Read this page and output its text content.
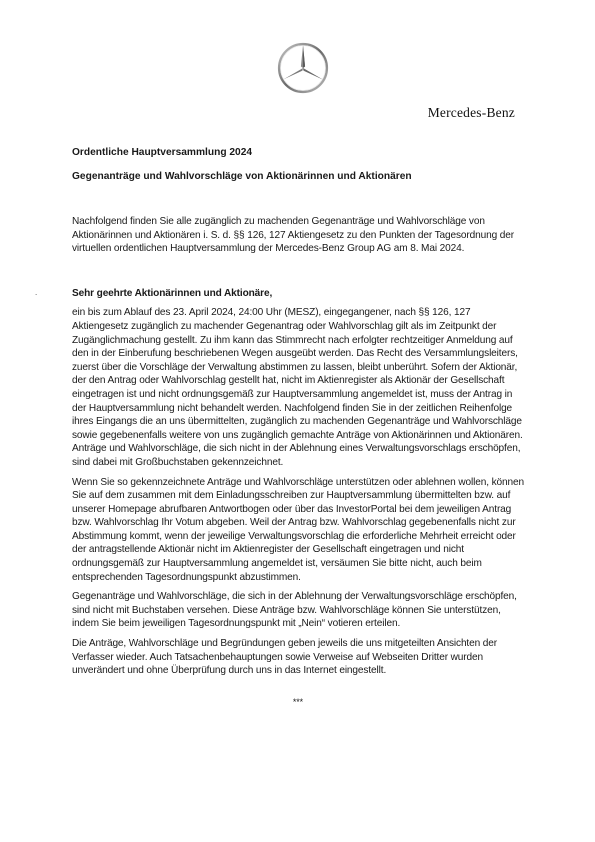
Mercedes-Benz
.
Ordentliche Hauptversammlung 2024
Gegenanträge und Wahlvorschläge von Aktionärinnen und Aktionären

Nachfolgend finden Sie alle zugänglich zu machenden Gegenanträge und Wahlvorschläge von Aktionärinnen und Aktionären i. S. d. §§ 126, 127 Aktiengesetz zu den Punkten der Tagesordnung der virtuellen ordentlichen Hauptversammlung der Mercedes-Benz Group AG am 8. Mai 2024.

Sehr geehrte Aktionärinnen und Aktionäre,

ein bis zum Ablauf des 23. April 2024, 24:00 Uhr (MESZ), eingegangener, nach §§ 126, 127 Aktiengesetz zugänglich zu machender Gegenantrag oder Wahlvorschlag gilt als im Zeitpunkt der Zugänglichmachung gestellt. Zu ihm kann das Stimmrecht nach erfolgter rechtzeitiger Anmeldung auf den in der Einberufung beschriebenen Wegen ausgeübt werden. Das Recht des Versammlungsleiters, zuerst über die Vorschläge der Verwaltung abstimmen zu lassen, bleibt unberührt. Sofern der Aktionär, der den Antrag oder Wahlvorschlag gestellt hat, nicht im Aktienregister als Aktionär der Gesellschaft eingetragen ist und nicht ordnungsgemäß zur Hauptversammlung angemeldet ist, muss der Antrag in der Hauptversammlung nicht behandelt werden. Nachfolgend finden Sie in der zeitlichen Reihenfolge ihres Eingangs die an uns übermittelten, zugänglich zu machenden Gegenanträge und Wahlvorschläge sowie gegebenenfalls weitere von uns zugänglich gemachte Anträge von Aktionärinnen und Aktionären. Anträge und Wahlvorschläge, die sich nicht in der Ablehnung eines Verwaltungsvorschlags erschöpfen, sind dabei mit Großbuchstaben gekennzeichnet.

Wenn Sie so gekennzeichnete Anträge und Wahlvorschläge unterstützen oder ablehnen wollen, können Sie auf dem zusammen mit dem Einladungsschreiben zur Hauptversammlung übermittelten bzw. auf unserer Homepage abrufbaren Antwortbogen oder über das InvestorPortal bei dem jeweiligen Antrag bzw. Wahlvorschlag Ihr Votum abgeben. Weil der Antrag bzw. Wahlvorschlag gegebenenfalls nicht zur Abstimmung kommt, wenn der jeweilige Verwaltungsvorschlag die erforderliche Mehrheit erreicht oder der antragstellende Aktionär nicht im Aktienregister der Gesellschaft eingetragen und nicht ordnungsgemäß zur Hauptversammlung angemeldet ist, versäumen Sie bitte nicht, auch beim entsprechenden Tagesordnungspunkt abzustimmen.

Gegenanträge und Wahlvorschläge, die sich in der Ablehnung der Verwaltungsvorschläge erschöpfen, sind nicht mit Buchstaben versehen. Diese Anträge bzw. Wahlvorschläge können Sie unterstützen, indem Sie beim jeweiligen Tagesordnungspunkt mit „Nein“ votieren erteilen.

Die Anträge, Wahlvorschläge und Begründungen geben jeweils die uns mitgeteilten Ansichten der Verfasser wieder. Auch Tatsachenbehauptungen sowie Verweise auf Webseiten Dritter wurden unverändert und ohne Überprüfung durch uns in das Internet eingestellt.

***
